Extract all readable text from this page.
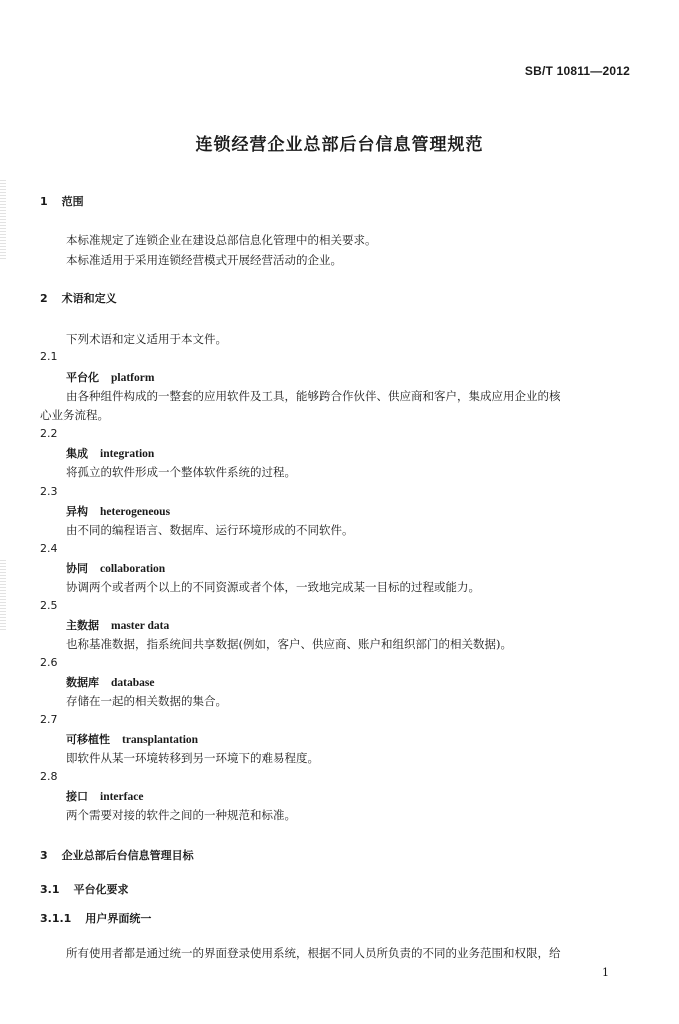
SB/T 10811—2012
连锁经营企业总部后台信息管理规范
1 范围
本标准规定了连锁企业在建设总部信息化管理中的相关要求。
本标准适用于采用连锁经营模式开展经营活动的企业。
2 术语和定义
下列术语和定义适用于本文件。
2.1
平台化 platform
由各种组件构成的一整套的应用软件及工具，能够跨合作伙伴、供应商和客户，集成应用企业的核
心业务流程。
2.2
集成 integration
将孤立的软件形成一个整体软件系统的过程。
2.3
异构 heterogeneous
由不同的编程语言、数据库、运行环境形成的不同软件。
2.4
协同 collaboration
协调两个或者两个以上的不同资源或者个体，一致地完成某一目标的过程或能力。
2.5
主数据 master data
也称基准数据，指系统间共享数据(例如，客户、供应商、账户和组织部门的相关数据)。
2.6
数据库 database
存储在一起的相关数据的集合。
2.7
可移植性 transplantation
即软件从某一环境转移到另一环境下的难易程度。
2.8
接口 interface
两个需要对接的软件之间的一种规范和标准。
3 企业总部后台信息管理目标
3.1 平台化要求
3.1.1 用户界面统一
所有使用者都是通过统一的界面登录使用系统，根据不同人员所负责的不同的业务范围和权限，给
1
